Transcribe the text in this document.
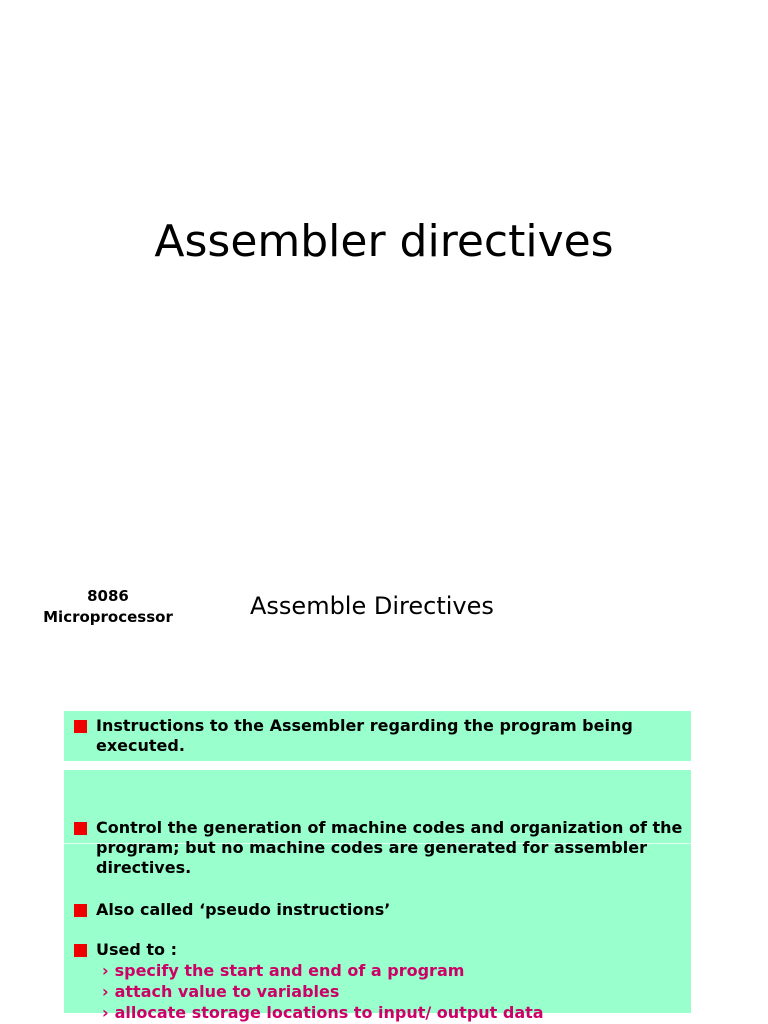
Assembler directives
8086
Microprocessor	Assemble Directives
Instructions to the Assembler regarding the program being executed.
Control the generation of machine codes and organization of the program; but no machine codes are generated for assembler directives.
Also called ‘pseudo instructions’
Used to :
› specify the start and end of a program
› attach value to variables
› allocate storage locations to input/ output data
